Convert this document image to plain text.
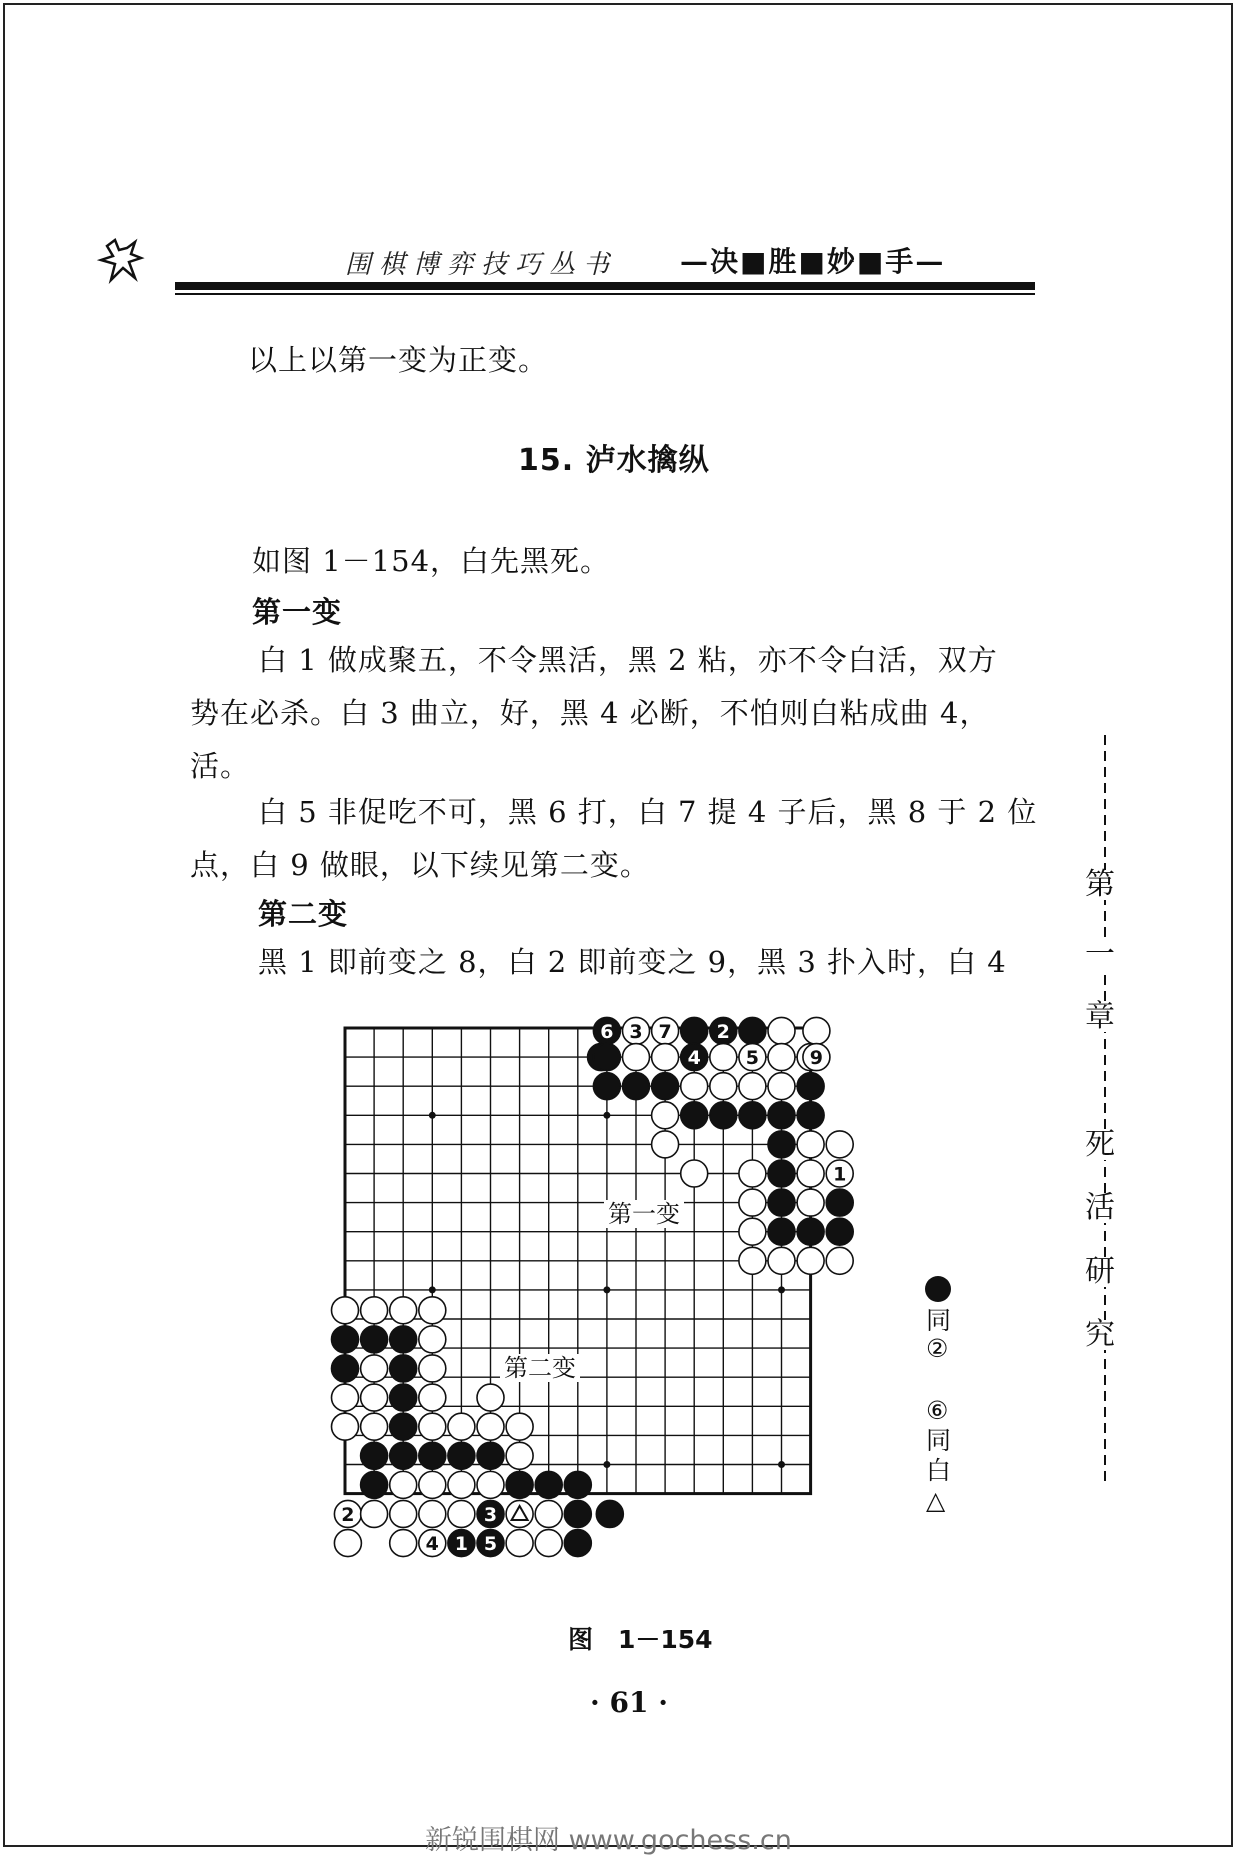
围棋博弈技巧丛书 —决■胜■妙■手—
以上以第一变为正变。
15. 泸水擒纵
如图 1－154，白先黑死。
第一变
白 1 做成聚五，不令黑活，黑 2 粘，亦不令白活，双方
势在必杀。白 3 曲立，好，黑 4 必断，不怕则白粘成曲 4，
活。
白 5 非促吃不可，黑 6 打，白 7 提 4 子后，黑 8 于 2 位
点，白 9 做眼，以下续见第二变。
第二变
黑 1 即前变之 8，白 2 即前变之 9，黑 3 扑入时，白 4
第
一
章
死
活
研
究
6 3 7 2
4 5	9
1
2	3
4 1 5
第一变
第二变
同
②
⑥
同
白
△
图　1－154
· 61 ·
新锐围棋网 www.gochess.cn
